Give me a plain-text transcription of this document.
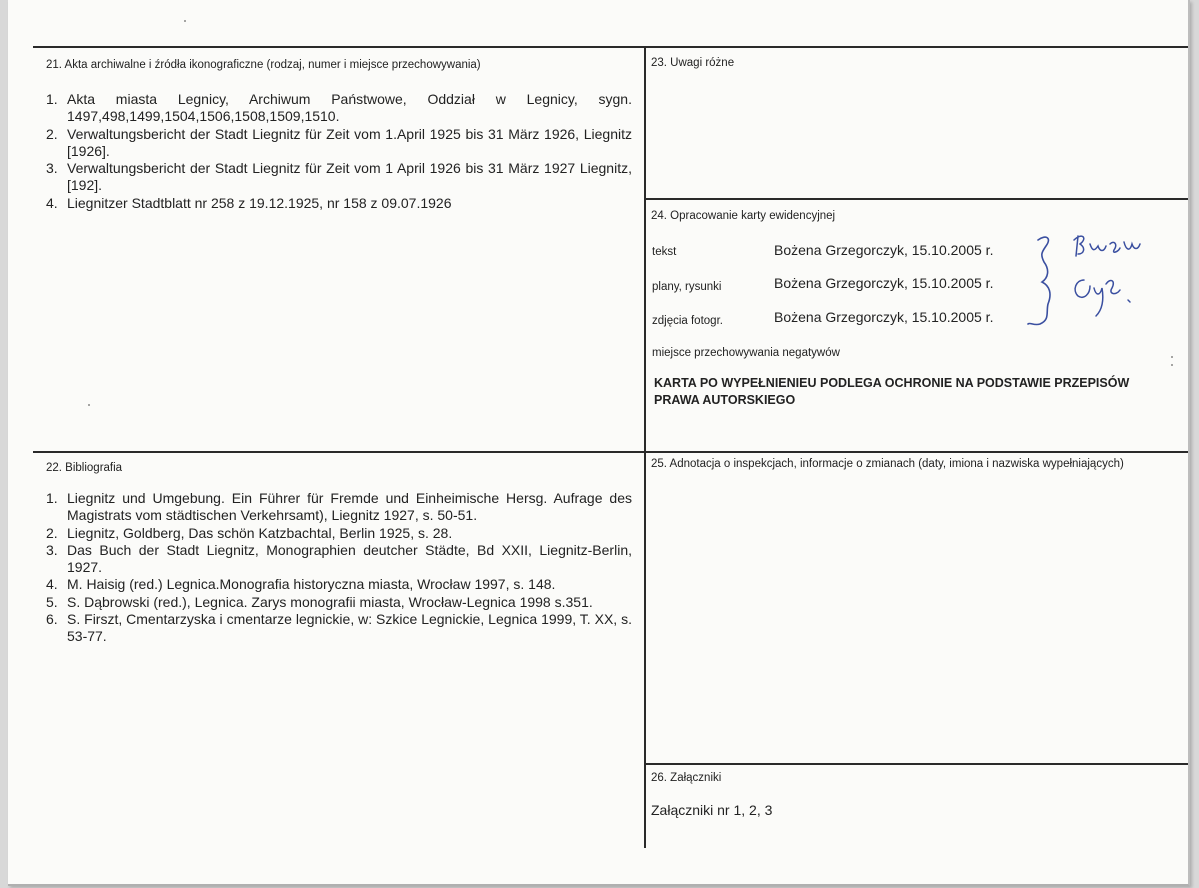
21. Akta archiwalne i źródła ikonograficzne (rodzaj, numer i miejsce przechowywania)
1. Akta miasta Legnicy, Archiwum Państwowe, Oddział w Legnicy, sygn. 1497,498,1499,1504,1506,1508,1509,1510.
2. Verwaltungsbericht der Stadt Liegnitz für Zeit vom 1.April 1925 bis 31 März 1926, Liegnitz [1926].
3. Verwaltungsbericht der Stadt Liegnitz für Zeit vom 1 April 1926 bis 31 März 1927 Liegnitz, [192].
4. Liegnitzer Stadtblatt nr 258 z 19.12.1925, nr 158 z 09.07.1926
22. Bibliografia
1. Liegnitz und Umgebung. Ein Führer für Fremde und Einheimische Hersg. Aufrage des Magistrats vom städtischen Verkehrsamt), Liegnitz 1927, s. 50-51.
2. Liegnitz, Goldberg, Das schön Katzbachtal, Berlin 1925, s. 28.
3. Das Buch der Stadt Liegnitz, Monographien deutcher Städte, Bd XXII, Liegnitz-Berlin, 1927.
4. M. Haisig (red.) Legnica.Monografia historyczna miasta, Wrocław 1997, s. 148.
5. S. Dąbrowski (red.), Legnica. Zarys monografii miasta, Wrocław-Legnica 1998 s.351.
6. S. Firszt, Cmentarzyska i cmentarze legnickie, w: Szkice Legnickie, Legnica 1999, T. XX, s. 53-77.
23. Uwagi różne
24. Opracowanie karty ewidencyjnej
tekst	Bożena Grzegorczyk, 15.10.2005 r.
plany, rysunki	Bożena Grzegorczyk, 15.10.2005 r.
zdjęcia fotogr.	Bożena Grzegorczyk, 15.10.2005 r.
miejsce przechowywania negatywów
KARTA PO WYPEŁNIENIEU PODLEGA OCHRONIE NA PODSTAWIE PRZEPISÓW PRAWA AUTORSKIEGO
25. Adnotacja o inspekcjach, informacje o zmianach (daty, imiona i nazwiska wypełniających)
26. Załączniki
Załączniki nr 1, 2, 3
